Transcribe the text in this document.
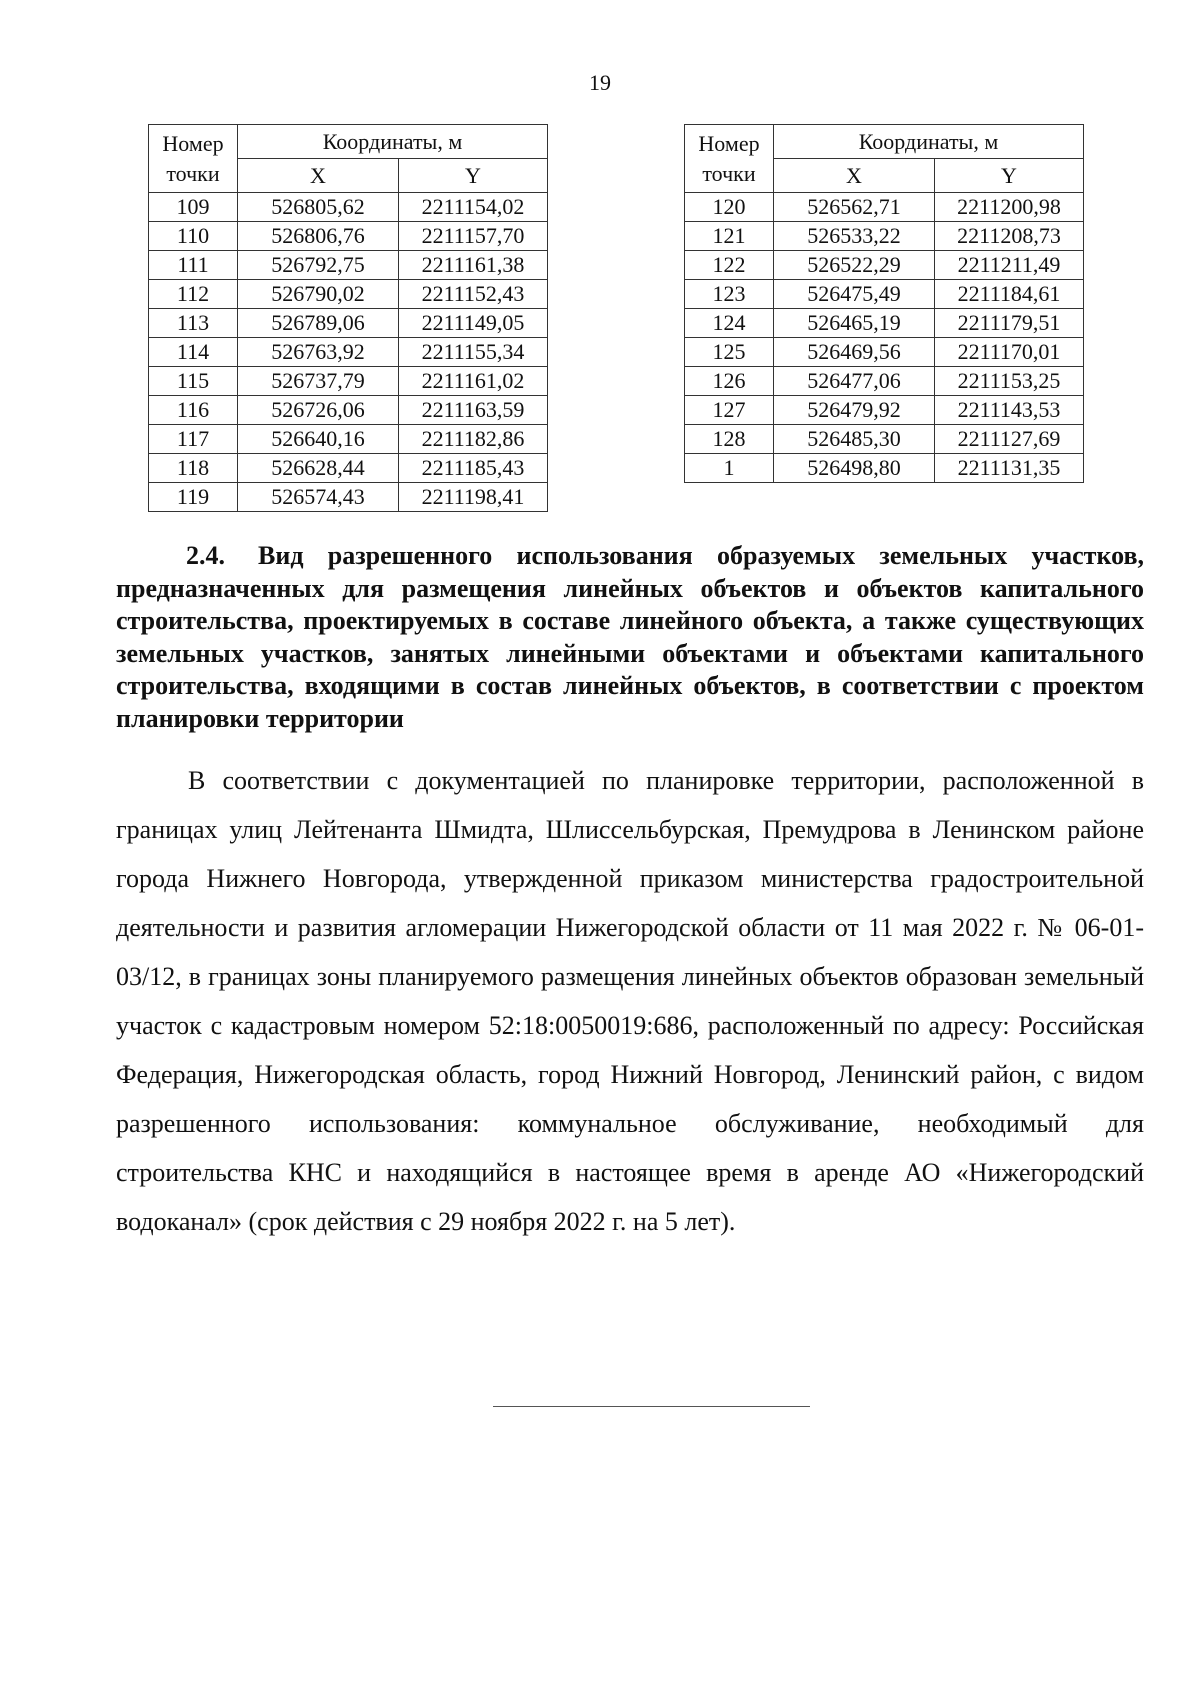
19
Номер точки	Координаты, м	
	X	Y
109	526805,62	2211154,02
110	526806,76	2211157,70
111	526792,75	2211161,38
112	526790,02	2211152,43
113	526789,06	2211149,05
114	526763,92	2211155,34
115	526737,79	2211161,02
116	526726,06	2211163,59
117	526640,16	2211182,86
118	526628,44	2211185,43
119	526574,43	2211198,41
Номер точки	Координаты, м	
	X	Y
120	526562,71	2211200,98
121	526533,22	2211208,73
122	526522,29	2211211,49
123	526475,49	2211184,61
124	526465,19	2211179,51
125	526469,56	2211170,01
126	526477,06	2211153,25
127	526479,92	2211143,53
128	526485,30	2211127,69
1	526498,80	2211131,35
2.4. Вид разрешенного использования образуемых земельных участков, предназначенных для размещения линейных объектов и объектов капитального строительства, проектируемых в составе линейного объекта, а также существующих земельных участков, занятых линейными объектами и объектами капитального строительства, входящими в состав линейных объектов, в соответствии с проектом планировки территории

В соответствии с документацией по планировке территории, расположенной в границах улиц Лейтенанта Шмидта, Шлиссельбурская, Премудрова в Ленинском районе города Нижнего Новгорода, утвержденной приказом министерства градостроительной деятельности и развития агломерации Нижегородской области от 11 мая 2022 г. № 06-01-03/12, в границах зоны планируемого размещения линейных объектов образован земельный участок с кадастровым номером 52:18:0050019:686, расположенный по адресу: Российская Федерация, Нижегородская область, город Нижний Новгород, Ленинский район, с видом разрешенного использования: коммунальное обслуживание, необходимый для строительства КНС и находящийся в настоящее время в аренде АО «Нижегородский водоканал» (срок действия с 29 ноября 2022 г. на 5 лет).
